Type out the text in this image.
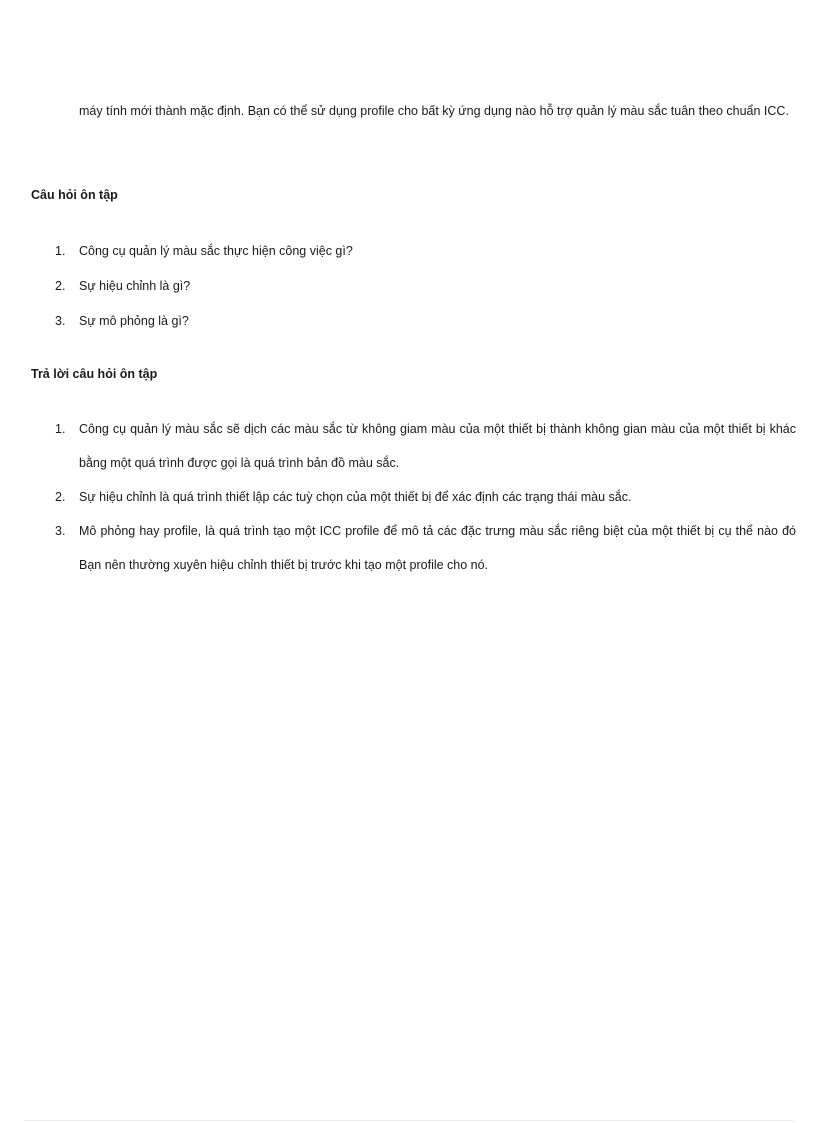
máy tính mới thành mặc định. Bạn có thể sử dụng profile cho bất kỳ ứng dụng nào hỗ trợ quản lý màu sắc tuân theo chuẩn ICC.

Câu hỏi ôn tập
1.	Công cụ quản lý màu sắc thực hiện công việc gì?
2.	Sự hiệu chỉnh là gì?
3.	Sự mô phỏng là gì?
Trả lời câu hỏi ôn tập
1.	Công cụ quản lý màu sắc sẽ dịch các màu sắc từ không giam màu của một thiết bị thành không gian màu của một thiết bị khác bằng một quá trình được gọi là quá trình bản đồ màu sắc.
2.	Sự hiệu chỉnh là quá trình thiết lập các tuỳ chọn của một thiết bị để xác định các trạng thái màu sắc.
3.	Mô phỏng hay profile, là quá trình tạo một ICC profile để mô tả các đặc trưng màu sắc riêng biệt của một thiết bị cụ thể nào đó Bạn nên thường xuyên hiệu chỉnh thiết bị trước khi tạo một profile cho nó.
